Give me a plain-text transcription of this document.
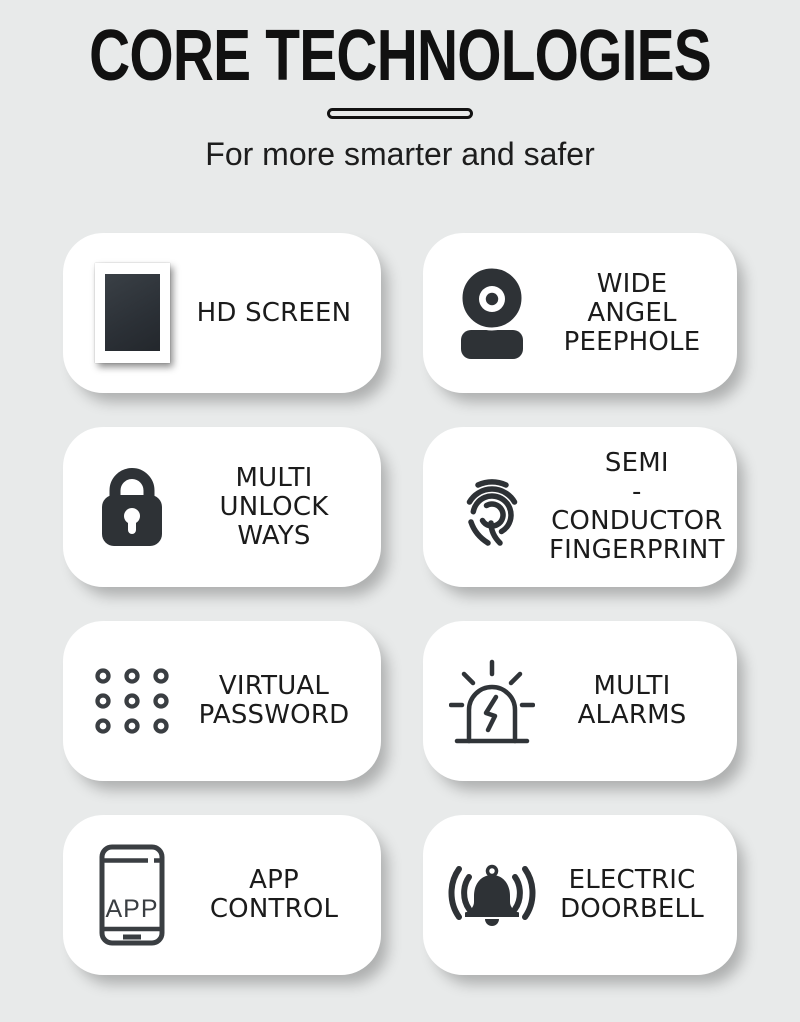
CORE TECHNOLOGIES
For more smarter and safer
HD SCREEN
WIDE ANGEL
PEEPHOLE
MULTI
UNLOCK
WAYS
SEMI
-CONDUCTOR
FINGERPRINT
VIRTUAL
PASSWORD
MULTI
ALARMS
APP
APP CONTROL
ELECTRIC
DOORBELL
